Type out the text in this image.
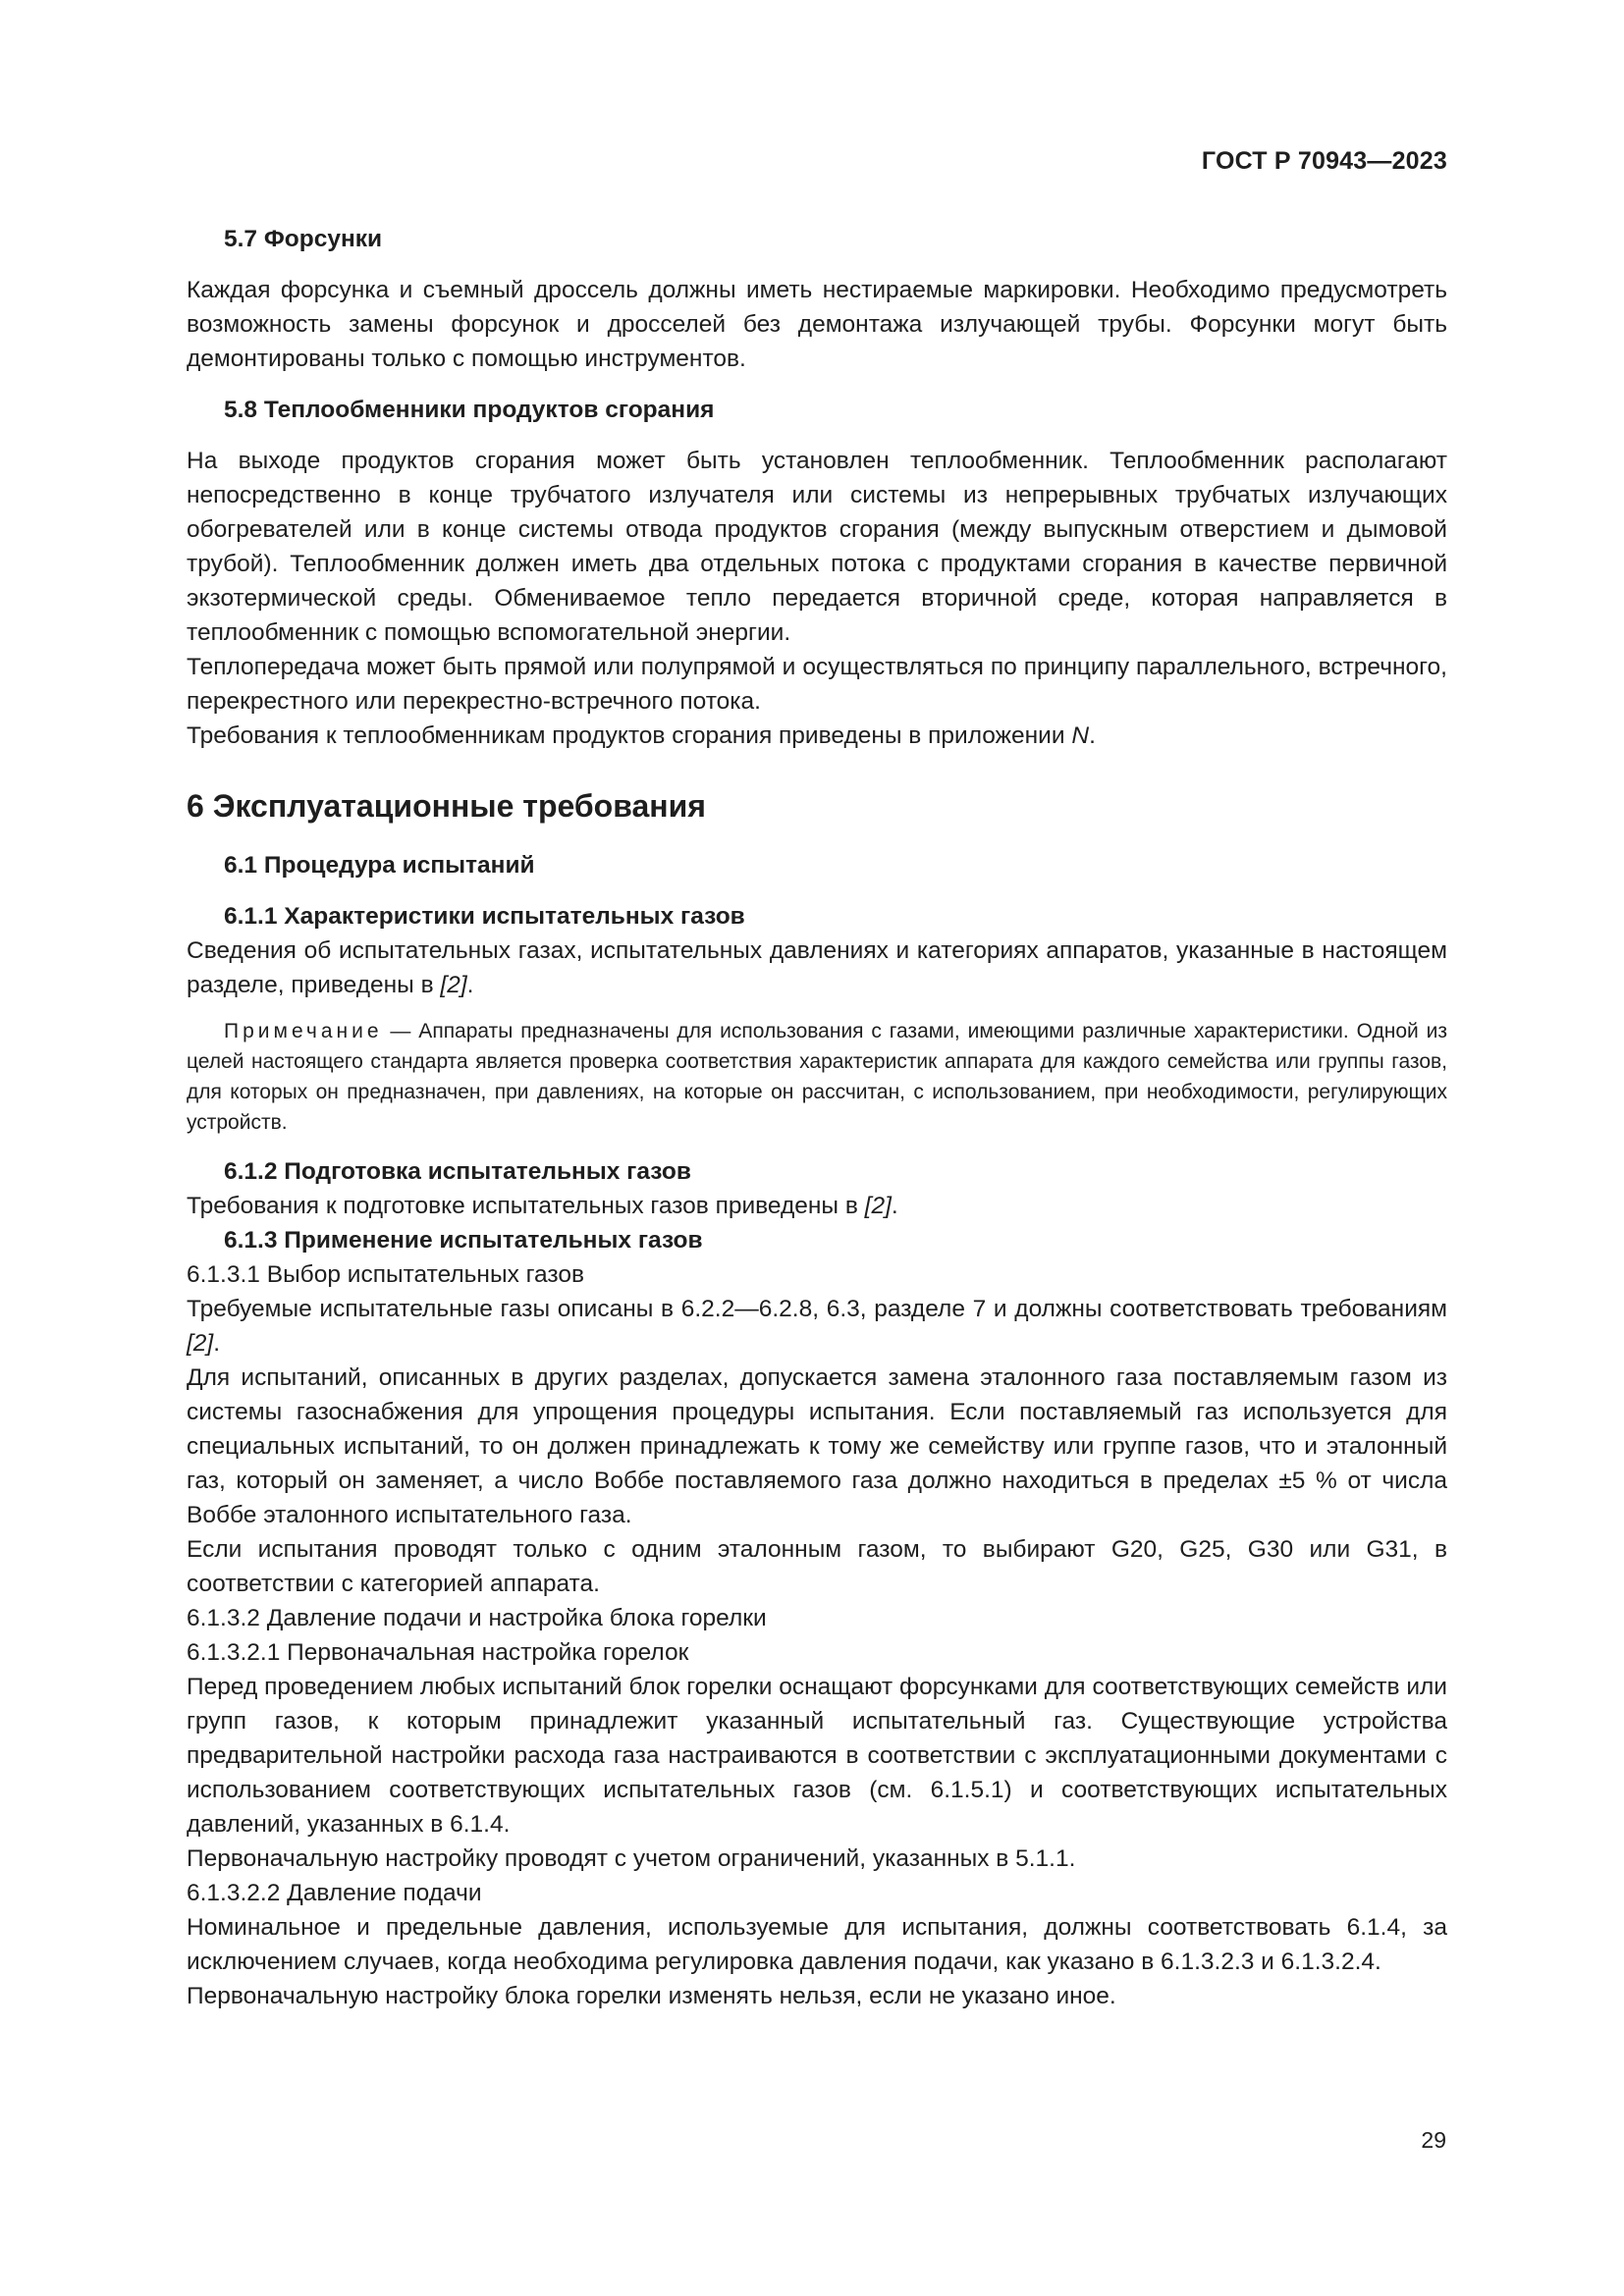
ГОСТ Р 70943—2023
5.7 Форсунки

Каждая форсунка и съемный дроссель должны иметь нестираемые маркировки. Необходимо предусмотреть возможность замены форсунок и дросселей без демонтажа излучающей трубы. Форсунки могут быть демонтированы только с помощью инструментов.

5.8 Теплообменники продуктов сгорания

На выходе продуктов сгорания может быть установлен теплообменник. Теплообменник располагают непосредственно в конце трубчатого излучателя или системы из непрерывных трубчатых излучающих обогревателей или в конце системы отвода продуктов сгорания (между выпускным отверстием и дымовой трубой). Теплообменник должен иметь два отдельных потока с продуктами сгорания в качестве первичной экзотермической среды. Обмениваемое тепло передается вторичной среде, которая направляется в теплообменник с помощью вспомогательной энергии.

Теплопередача может быть прямой или полупрямой и осуществляться по принципу параллельного, встречного, перекрестного или перекрестно-встречного потока.

Требования к теплообменникам продуктов сгорания приведены в приложении N.

6 Эксплуатационные требования
6.1 Процедура испытаний
6.1.1 Характеристики испытательных газов

Сведения об испытательных газах, испытательных давлениях и категориях аппаратов, указанные в настоящем разделе, приведены в [2].

Примечание — Аппараты предназначены для использования с газами, имеющими различные характеристики. Одной из целей настоящего стандарта является проверка соответствия характеристик аппарата для каждого семейства или группы газов, для которых он предназначен, при давлениях, на которые он рассчитан, с использованием, при необходимости, регулирующих устройств.

6.1.2 Подготовка испытательных газов

Требования к подготовке испытательных газов приведены в [2].

6.1.3 Применение испытательных газов

6.1.3.1 Выбор испытательных газов

Требуемые испытательные газы описаны в 6.2.2—6.2.8, 6.3, разделе 7 и должны соответствовать требованиям [2].

Для испытаний, описанных в других разделах, допускается замена эталонного газа поставляемым газом из системы газоснабжения для упрощения процедуры испытания. Если поставляемый газ используется для специальных испытаний, то он должен принадлежать к тому же семейству или группе газов, что и эталонный газ, который он заменяет, а число Воббе поставляемого газа должно находиться в пределах ±5 % от числа Воббе эталонного испытательного газа.

Если испытания проводят только с одним эталонным газом, то выбирают G20, G25, G30 или G31, в соответствии с категорией аппарата.

6.1.3.2 Давление подачи и настройка блока горелки

6.1.3.2.1 Первоначальная настройка горелок

Перед проведением любых испытаний блок горелки оснащают форсунками для соответствующих семейств или групп газов, к которым принадлежит указанный испытательный газ. Существующие устройства предварительной настройки расхода газа настраиваются в соответствии с эксплуатационными документами с использованием соответствующих испытательных газов (см. 6.1.5.1) и соответствующих испытательных давлений, указанных в 6.1.4.

Первоначальную настройку проводят с учетом ограничений, указанных в 5.1.1.

6.1.3.2.2 Давление подачи

Номинальное и предельные давления, используемые для испытания, должны соответствовать 6.1.4, за исключением случаев, когда необходима регулировка давления подачи, как указано в 6.1.3.2.3 и 6.1.3.2.4.

Первоначальную настройку блока горелки изменять нельзя, если не указано иное.

29
